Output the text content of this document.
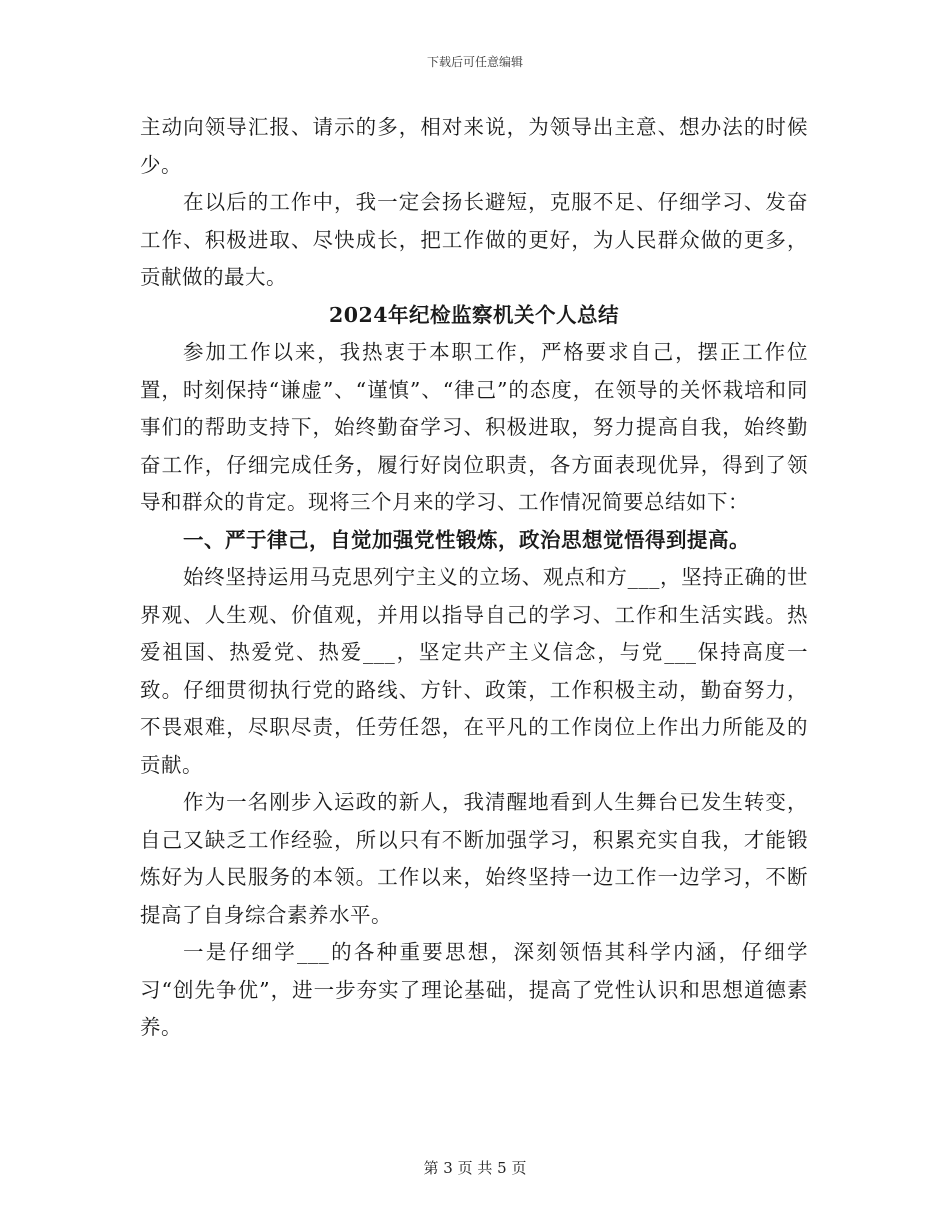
下载后可任意编辑

主动向领导汇报、请示的多，相对来说，为领导出主意、想办法的时候少。

在以后的工作中，我一定会扬长避短，克服不足、仔细学习、发奋工作、积极进取、尽快成长，把工作做的更好，为人民群众做的更多，贡献做的最大。

2024年纪检监察机关个人总结

参加工作以来，我热衷于本职工作，严格要求自己，摆正工作位置，时刻保持“谦虚”、“谨慎”、“律己”的态度，在领导的关怀栽培和同事们的帮助支持下，始终勤奋学习、积极进取，努力提高自我，始终勤奋工作，仔细完成任务，履行好岗位职责，各方面表现优异，得到了领导和群众的肯定。现将三个月来的学习、工作情况简要总结如下：

一、严于律己，自觉加强党性锻炼，政治思想觉悟得到提高。

始终坚持运用马克思列宁主义的立场、观点和方___，坚持正确的世界观、人生观、价值观，并用以指导自己的学习、工作和生活实践。热爱祖国、热爱党、热爱___，坚定共产主义信念，与党___保持高度一致。仔细贯彻执行党的路线、方针、政策，工作积极主动，勤奋努力，不畏艰难，尽职尽责，任劳任怨，在平凡的工作岗位上作出力所能及的贡献。

作为一名刚步入运政的新人，我清醒地看到人生舞台已发生转变，自己又缺乏工作经验，所以只有不断加强学习，积累充实自我，才能锻炼好为人民服务的本领。工作以来，始终坚持一边工作一边学习，不断提高了自身综合素养水平。

一是仔细学___的各种重要思想，深刻领悟其科学内涵，仔细学习“创先争优”，进一步夯实了理论基础，提高了党性认识和思想道德素养。

第 3 页 共 5 页
